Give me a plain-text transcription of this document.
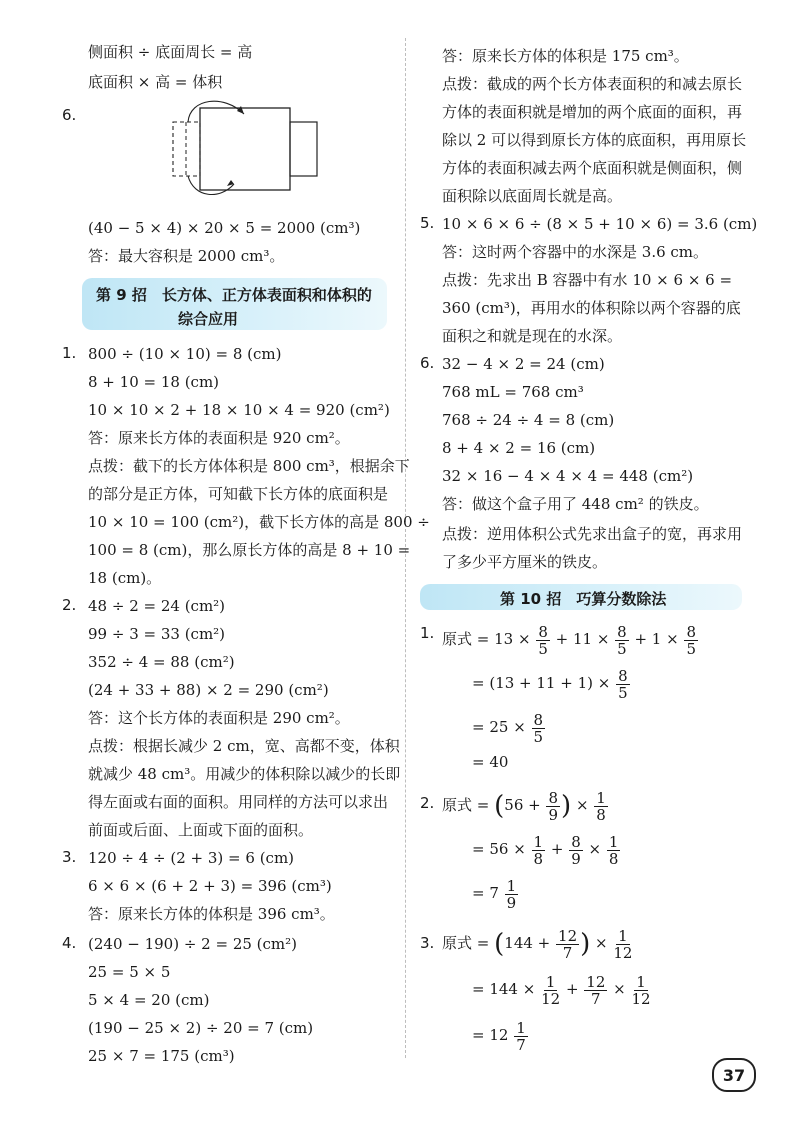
侧面积 ÷ 底面周长 = 高
底面积 × 高 = 体积
6.
(40 − 5 × 4) × 20 × 5 = 2000 (cm³)
答：最大容积是 2000 cm³。
第 9 招　长方体、正方体表面积和体积的
综合应用
1. 800 ÷ (10 × 10) = 8 (cm)
8 + 10 = 18 (cm)
10 × 10 × 2 + 18 × 10 × 4 = 920 (cm²)
答：原来长方体的表面积是 920 cm²。
点拨：截下的长方体体积是 800 cm³，根据余下
的部分是正方体，可知截下长方体的底面积是
10 × 10 = 100 (cm²)，截下长方体的高是 800 ÷
100 = 8 (cm)，那么原长方体的高是 8 + 10 =
18 (cm)。
2. 48 ÷ 2 = 24 (cm²)
99 ÷ 3 = 33 (cm²)
352 ÷ 4 = 88 (cm²)
(24 + 33 + 88) × 2 = 290 (cm²)
答：这个长方体的表面积是 290 cm²。
点拨：根据长减少 2 cm，宽、高都不变，体积
就减少 48 cm³。用减少的体积除以减少的长即
得左面或右面的面积。用同样的方法可以求出
前面或后面、上面或下面的面积。
3. 120 ÷ 4 ÷ (2 + 3) = 6 (cm)
6 × 6 × (6 + 2 + 3) = 396 (cm³)
答：原来长方体的体积是 396 cm³。
4. (240 − 190) ÷ 2 = 25 (cm²)
25 = 5 × 5
5 × 4 = 20 (cm)
(190 − 25 × 2) ÷ 20 = 7 (cm)
25 × 7 = 175 (cm³)
答：原来长方体的体积是 175 cm³。
点拨：截成的两个长方体表面积的和减去原长
方体的表面积就是增加的两个底面的面积，再
除以 2 可以得到原长方体的底面积，再用原长
方体的表面积减去两个底面积就是侧面积，侧
面积除以底面周长就是高。
5. 10 × 6 × 6 ÷ (8 × 5 + 10 × 6) = 3.6 (cm)
答：这时两个容器中的水深是 3.6 cm。
点拨：先求出 B 容器中有水 10 × 6 × 6 =
360 (cm³)，再用水的体积除以两个容器的底
面积之和就是现在的水深。
6. 32 − 4 × 2 = 24 (cm)
768 mL = 768 cm³
768 ÷ 24 ÷ 4 = 8 (cm)
8 + 4 × 2 = 16 (cm)
32 × 16 − 4 × 4 × 4 = 448 (cm²)
答：做这个盒子用了 448 cm² 的铁皮。
点拨：逆用体积公式先求出盒子的宽，再求用
了多少平方厘米的铁皮。
第 10 招　巧算分数除法
1. 原式 = $13 \times \frac{8}{5} + 11 \times \frac{8}{5} + 1 \times \frac{8}{5}$
= $(13 + 11 + 1) \times \frac{8}{5}$
= $25 \times \frac{8}{5}$
= 40
2. 原式 = ($56 + \frac{8}{9}$ ) × $\frac{1}{8}$
= $56 \times \frac{1}{8} + \frac{8}{9} \times \frac{1}{8}$
= $7 \frac{1}{9}$
3. 原式 = ($144 + \frac{12}{7}$ ) × $\frac{1}{12}$
= $144 \times \frac{1}{12} + \frac{12}{7} \times \frac{1}{12}$
= $12 \frac{1}{7}$
37
